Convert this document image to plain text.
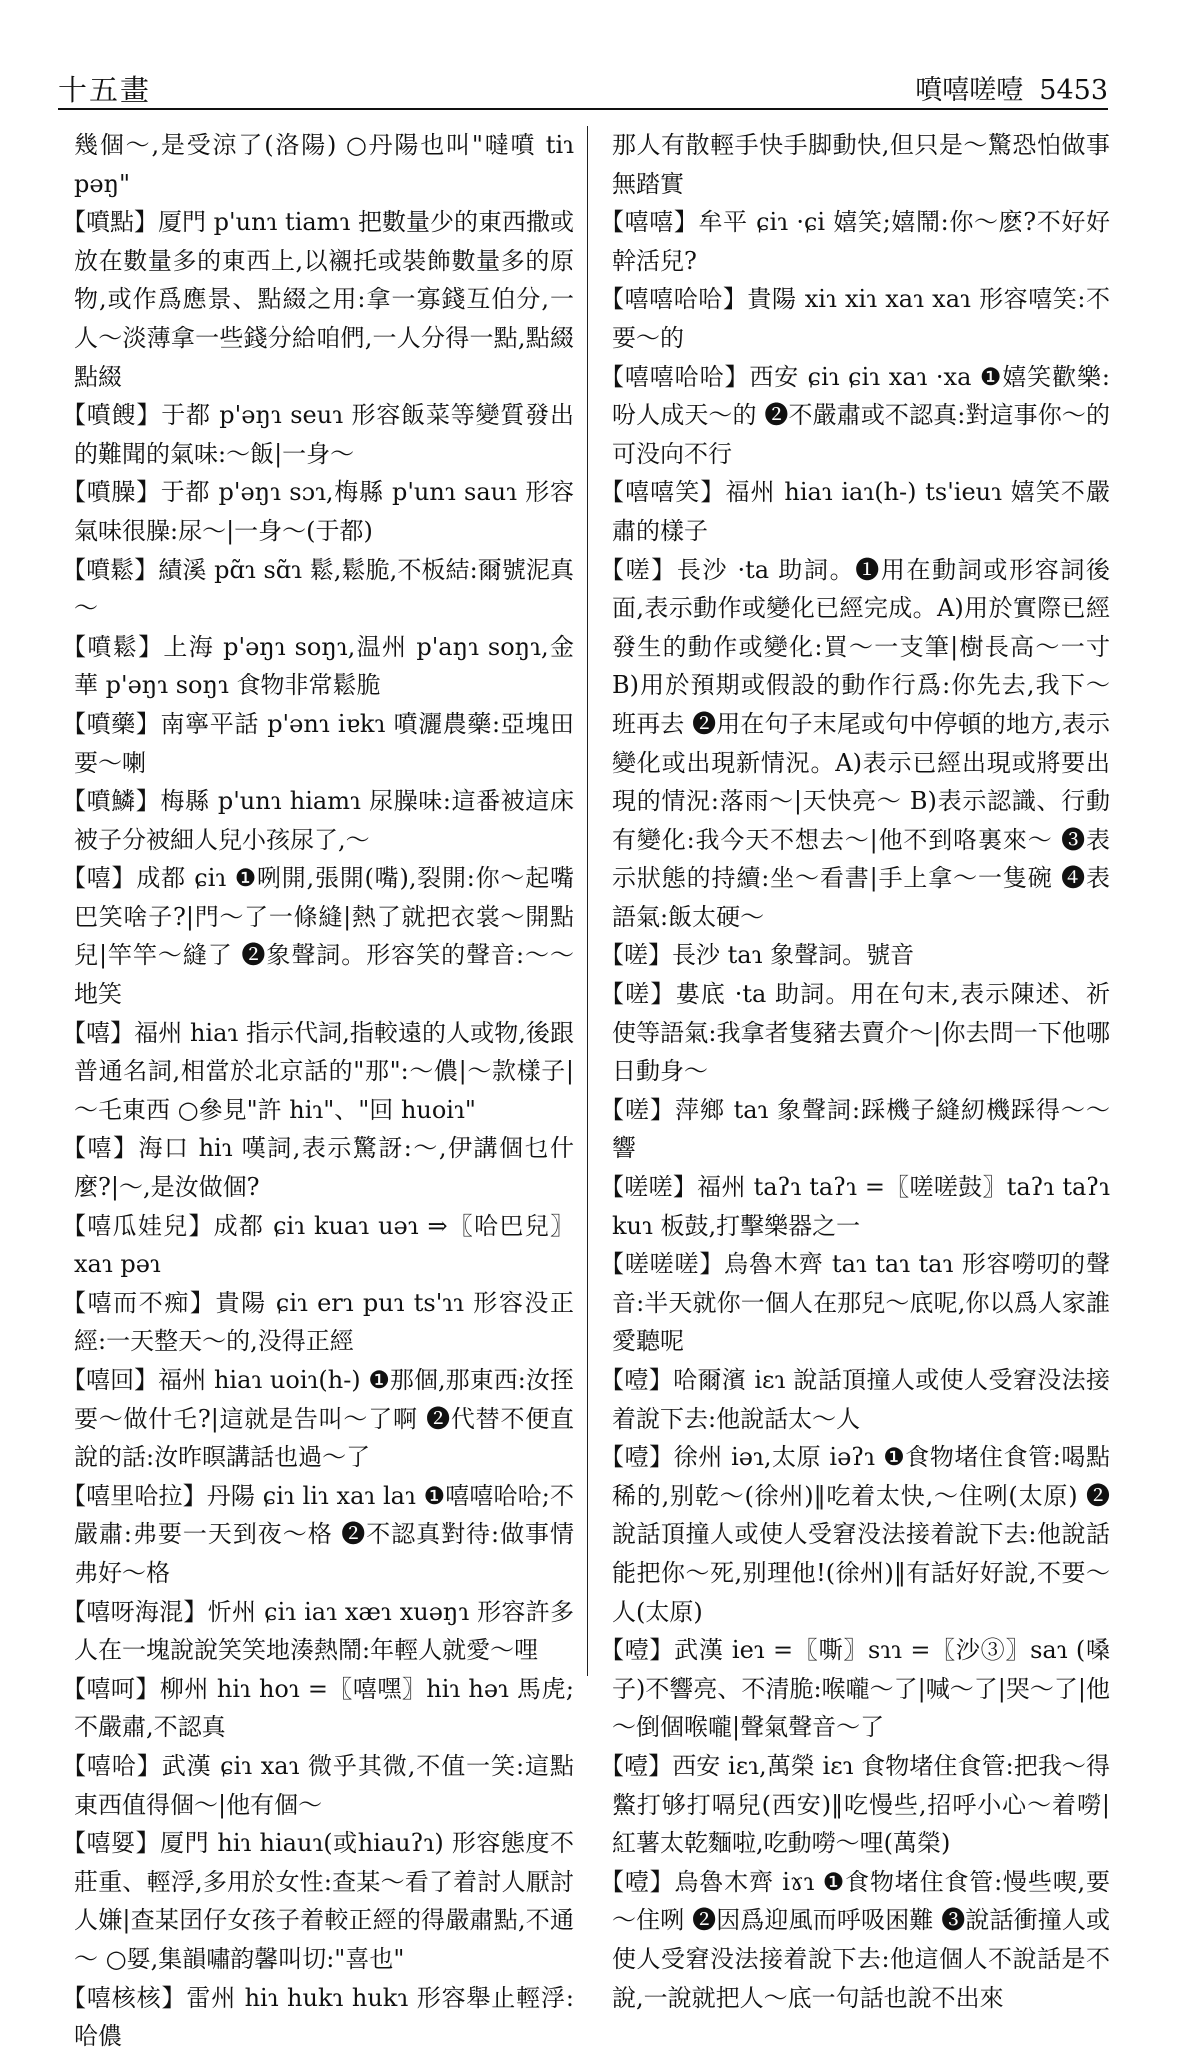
十五畫	噴嘻嗟噎 5453

幾個～,是受涼了(洛陽) ○丹陽也叫"噠噴 tiɿ pəŋ"

【噴點】厦門 p'unɿ tiamɿ 把數量少的東西撒或放在數量多的東西上,以襯托或裝飾數量多的原物,或作爲應景、點綴之用:拿一寡錢互伯分,一人～淡薄拿一些錢分給咱們,一人分得一點,點綴點綴

【噴餿】于都 p'əŋɿ seuɿ 形容飯菜等變質發出的難聞的氣味:～飯|一身～

【噴臊】于都 p'əŋɿ sɔɿ,梅縣 p'unɿ sauɿ 形容氣味很臊:尿～|一身～(于都)

【噴鬆】績溪 pɑ̃ɿ sɑ̃ɿ 鬆,鬆脆,不板結:爾號泥真～

【噴鬆】上海 p'əŋɿ soŋɿ,温州 p'aŋɿ soŋɿ,金華 p'əŋɿ soŋɿ 食物非常鬆脆

【噴藥】南寧平話 p'ənɿ iɐkɿ 噴灑農藥:亞塊田要～喇

【噴鱗】梅縣 p'unɿ hiamɿ 尿臊味:這番被這床被子分被細人兒小孩尿了,～

【嘻】成都 ɕiɿ ❶咧開,張開(嘴),裂開:你～起嘴巴笑啥子?|門～了一條縫|熱了就把衣裳～開點兒|竿竿～縫了 ❷象聲詞。形容笑的聲音:～～地笑

【嘻】福州 hiaɿ 指示代詞,指較遠的人或物,後跟普通名詞,相當於北京話的"那":～儂|～款樣子|～乇東西 ○參見"許 hiɿ"、"回 huoiɿ"

【嘻】海口 hiɿ 嘆詞,表示驚訝:～,伊講個乜什麼?|～,是汝做個?

【嘻瓜娃兒】成都 ɕiɿ kuaɿ uəɿ ⇒〖哈巴兒〗xaɿ pəɿ

【嘻而不痴】貴陽 ɕiɿ erɿ puɿ ts'ɿɿ 形容没正經:一天整天～的,没得正經

【嘻回】福州 hiaɿ uoiɿ(h-) ❶那個,那東西:汝挃要～做什乇?|這就是告叫～了啊 ❷代替不便直說的話:汝昨暝講話也過～了

【嘻里哈拉】丹陽 ɕiɿ liɿ xaɿ laɿ ❶嘻嘻哈哈;不嚴肅:弗要一天到夜～格 ❷不認真對待:做事情弗好～格

【嘻呀海混】忻州 ɕiɿ iaɿ xæɿ xuəŋɿ 形容許多人在一塊說說笑笑地湊熱鬧:年輕人就愛～哩

【嘻呵】柳州 hiɿ hoɿ =〖嘻嘿〗hiɿ həɿ 馬虎;不嚴肅,不認真

【嘻哈】武漢 ɕiɿ xaɿ 微乎其微,不值一笑:這點東西值得個～|他有個～

【嘻娿】厦門 hiɿ hiauɿ(或hiauʔɿ) 形容態度不莊重、輕浮,多用於女性:查某～看了着討人厭討人嫌|查某囝仔女孩子着較正經的得嚴肅點,不通～ ○娿,集韻嘯韵馨叫切:"喜也"

【嘻核核】雷州 hiɿ hukɿ hukɿ 形容舉止輕浮:哈儂

那人有散輕手快手脚動快,但只是～驚恐怕做事無踏實

【嘻嘻】牟平 ɕiɿ ·ɕi 嬉笑;嬉鬧:你～麽?不好好幹活兒?

【嘻嘻哈哈】貴陽 xiɿ xiɿ xaɿ xaɿ 形容嘻笑:不要～的

【嘻嘻哈哈】西安 ɕiɿ ɕiɿ xaɿ ·xa ❶嬉笑歡樂:吩人成天～的 ❷不嚴肅或不認真:對這事你～的可没向不行

【嘻嘻笑】福州 hiaɿ iaɿ(h-) ts'ieuɿ 嬉笑不嚴肅的樣子

【嗟】長沙 ·ta 助詞。❶用在動詞或形容詞後面,表示動作或變化已經完成。A)用於實際已經發生的動作或變化:買～一支筆|樹長高～一寸 B)用於預期或假設的動作行爲:你先去,我下～班再去 ❷用在句子末尾或句中停頓的地方,表示變化或出現新情況。A)表示已經出現或將要出現的情況:落雨～|天快亮～ B)表示認識、行動有變化:我今天不想去～|他不到咯裏來～ ❸表示狀態的持續:坐～看書|手上拿～一隻碗 ❹表語氣:飯太硬～

【嗟】長沙 taɿ 象聲詞。號音

【嗟】婁底 ·ta 助詞。用在句末,表示陳述、祈使等語氣:我拿者隻豬去賣介～|你去問一下他哪日動身～

【嗟】萍鄉 taɿ 象聲詞:踩機子縫紉機踩得～～響

【嗟嗟】福州 taʔɿ taʔɿ =〖嗟嗟鼓〗taʔɿ taʔɿ kuɿ 板鼓,打擊樂器之一

【嗟嗟嗟】烏魯木齊 taɿ taɿ taɿ 形容嘮叨的聲音:半天就你一個人在那兒～底呢,你以爲人家誰愛聽呢

【噎】哈爾濱 iɛɿ 說話頂撞人或使人受窘没法接着說下去:他說話太～人

【噎】徐州 iəɿ,太原 iəʔɿ ❶食物堵住食管:喝點稀的,别乾～(徐州)‖吃着太快,～住咧(太原) ❷說話頂撞人或使人受窘没法接着說下去:他說話能把你～死,别理他!(徐州)‖有話好好說,不要～人(太原)

【噎】武漢 ieɿ =〖嘶〗sɿɿ =〖沙③〗saɿ (嗓子)不響亮、不清脆:喉嚨～了|喊～了|哭～了|他～倒個喉嚨|聲氣聲音～了

【噎】西安 iɛɿ,萬榮 iɛɿ 食物堵住食管:把我～得鱉打够打嗝兒(西安)‖吃慢些,招呼小心～着嘮|紅薯太乾麵啦,吃動嘮～哩(萬榮)

【噎】烏魯木齊 iɤɿ ❶食物堵住食管:慢些喫,要～住咧 ❷因爲迎風而呼吸困難 ❸說話衝撞人或使人受窘没法接着說下去:他這個人不說話是不說,一說就把人～底一句話也說不出來
